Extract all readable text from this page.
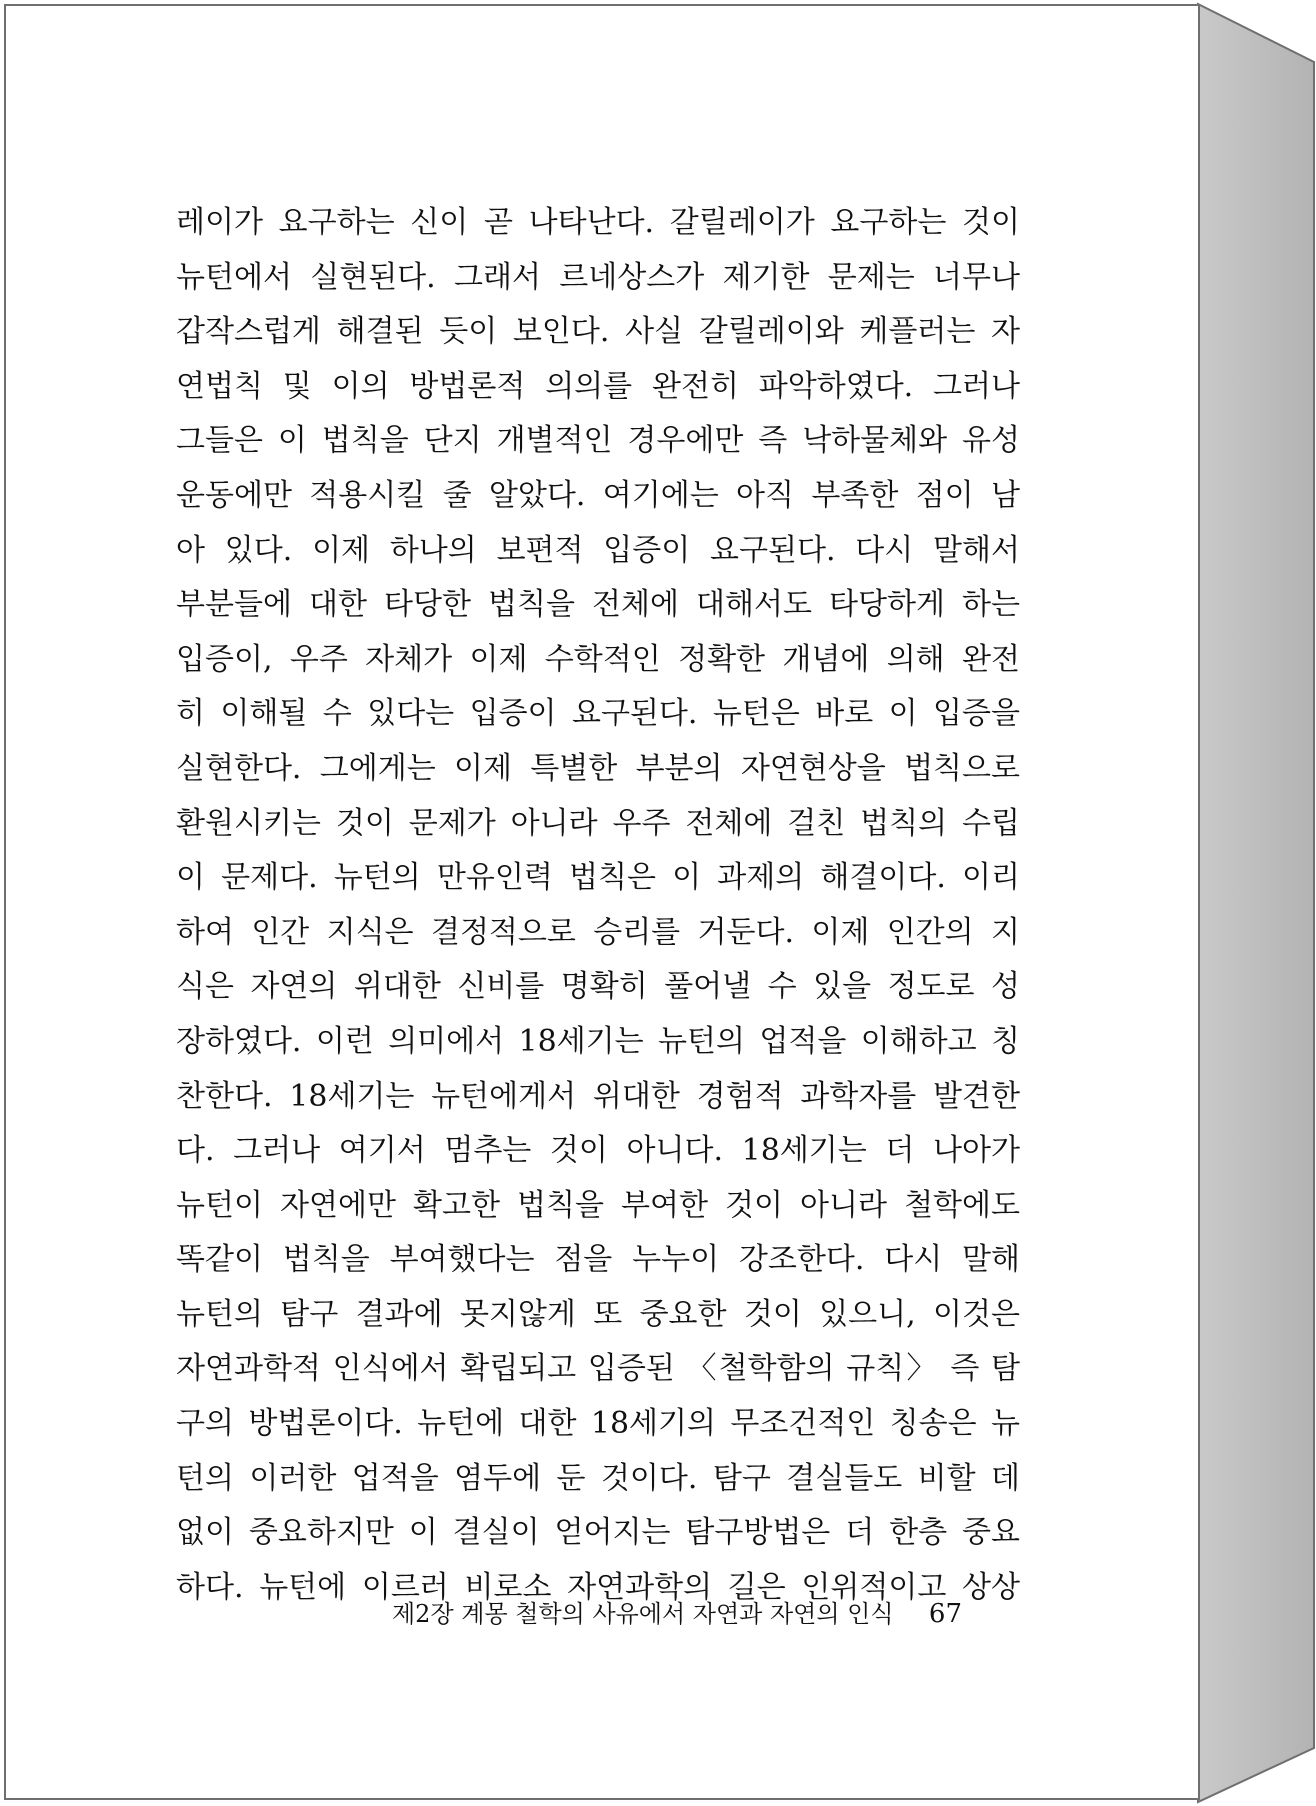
레이가 요구하는 신이 곧 나타난다. 갈릴레이가 요구하는 것이
뉴턴에서 실현된다. 그래서 르네상스가 제기한 문제는 너무나
갑작스럽게 해결된 듯이 보인다. 사실 갈릴레이와 케플러는 자
연법칙 및 이의 방법론적 의의를 완전히 파악하였다. 그러나
그들은 이 법칙을 단지 개별적인 경우에만 즉 낙하물체와 유성
운동에만 적용시킬 줄 알았다. 여기에는 아직 부족한 점이 남
아 있다. 이제 하나의 보편적 입증이 요구된다. 다시 말해서
부분들에 대한 타당한 법칙을 전체에 대해서도 타당하게 하는
입증이, 우주 자체가 이제 수학적인 정확한 개념에 의해 완전
히 이해될 수 있다는 입증이 요구된다. 뉴턴은 바로 이 입증을
실현한다. 그에게는 이제 특별한 부분의 자연현상을 법칙으로
환원시키는 것이 문제가 아니라 우주 전체에 걸친 법칙의 수립
이 문제다. 뉴턴의 만유인력 법칙은 이 과제의 해결이다. 이리
하여 인간 지식은 결정적으로 승리를 거둔다. 이제 인간의 지
식은 자연의 위대한 신비를 명확히 풀어낼 수 있을 정도로 성
장하였다. 이런 의미에서 18세기는 뉴턴의 업적을 이해하고 칭
찬한다. 18세기는 뉴턴에게서 위대한 경험적 과학자를 발견한
다. 그러나 여기서 멈추는 것이 아니다. 18세기는 더 나아가
뉴턴이 자연에만 확고한 법칙을 부여한 것이 아니라 철학에도
똑같이 법칙을 부여했다는 점을 누누이 강조한다. 다시 말해
뉴턴의 탐구 결과에 못지않게 또 중요한 것이 있으니, 이것은
자연과학적 인식에서 확립되고 입증된 〈철학함의 규칙〉 즉 탐
구의 방법론이다. 뉴턴에 대한 18세기의 무조건적인 칭송은 뉴
턴의 이러한 업적을 염두에 둔 것이다. 탐구 결실들도 비할 데
없이 중요하지만 이 결실이 얻어지는 탐구방법은 더 한층 중요
하다. 뉴턴에 이르러 비로소 자연과학의 길은 인위적이고 상상
제2장 계몽 철학의 사유에서 자연과 자연의 인식 67
